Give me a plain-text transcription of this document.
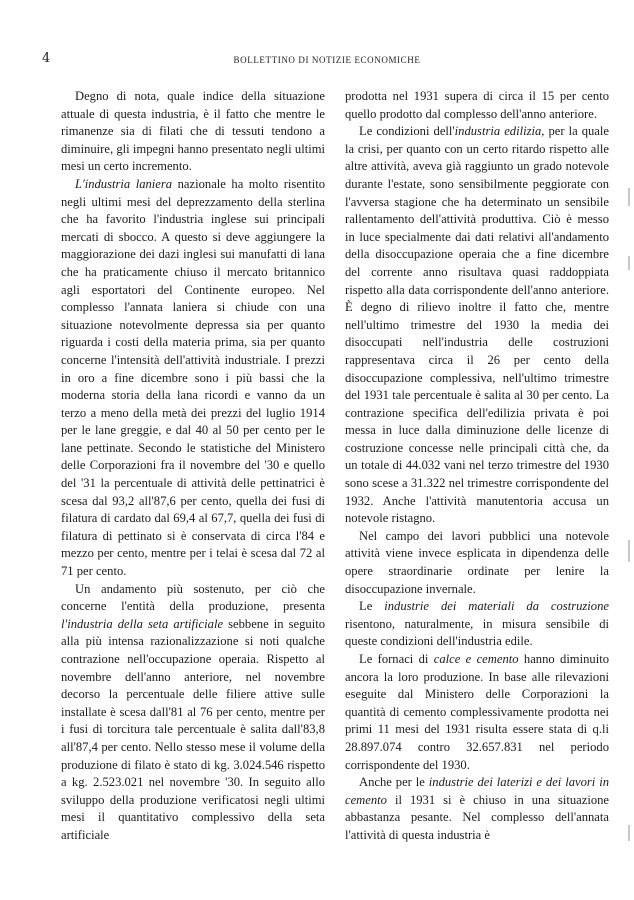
4	BOLLETTINO DI NOTIZIE ECONOMICHE

Degno di nota, quale indice della situazione attuale di questa industria, è il fatto che mentre le rimanenze sia di filati che di tessuti tendono a diminuire, gli impegni hanno presentato negli ultimi mesi un certo incremento.

L'industria laniera nazionale ha molto risentito negli ultimi mesi del deprezzamento della sterlina che ha favorito l'industria inglese sui principali mercati di sbocco. A questo si deve aggiungere la maggiorazione dei dazi inglesi sui manufatti di lana che ha praticamente chiuso il mercato britannico agli esportatori del Continente europeo. Nel complesso l'annata laniera si chiude con una situazione notevolmente depressa sia per quanto riguarda i costi della materia prima, sia per quanto concerne l'intensità dell'attività industriale. I prezzi in oro a fine dicembre sono i più bassi che la moderna storia della lana ricordi e vanno da un terzo a meno della metà dei prezzi del luglio 1914 per le lane greggie, e dal 40 al 50 per cento per le lane pettinate. Secondo le statistiche del Ministero delle Corporazioni fra il novembre del '30 e quello del '31 la percentuale di attività delle pettinatrici è scesa dal 93,2 all'87,6 per cento, quella dei fusi di filatura di cardato dal 69,4 al 67,7, quella dei fusi di filatura di pettinato si è conservata di circa l'84 e mezzo per cento, mentre per i telai è scesa dal 72 al 71 per cento.

Un andamento più sostenuto, per ciò che concerne l'entità della produzione, presenta l'industria della seta artificiale sebbene in seguito alla più intensa razionalizzazione si noti qualche contrazione nell'occupazione operaia. Rispetto al novembre dell'anno anteriore, nel novembre decorso la percentuale delle filiere attive sulle installate è scesa dall'81 al 76 per cento, mentre per i fusi di torcitura tale percentuale è salita dall'83,8 all'87,4 per cento. Nello stesso mese il volume della produzione di filato è stato di kg. 3.024.546 rispetto a kg. 2.523.021 nel novembre '30. In seguito allo sviluppo della produzione verificatosi negli ultimi mesi il quantitativo complessivo della seta artificiale

prodotta nel 1931 supera di circa il 15 per cento quello prodotto dal complesso dell'anno anteriore.

Le condizioni dell'industria edilizia, per la quale la crisi, per quanto con un certo ritardo rispetto alle altre attività, aveva già raggiunto un grado notevole durante l'estate, sono sensibilmente peggiorate con l'avversa stagione che ha determinato un sensibile rallentamento dell'attività produttiva. Ciò è messo in luce specialmente dai dati relativi all'andamento della disoccupazione operaia che a fine dicembre del corrente anno risultava quasi raddoppiata rispetto alla data corrispondente dell'anno anteriore. È degno di rilievo inoltre il fatto che, mentre nell'ultimo trimestre del 1930 la media dei disoccupati nell'industria delle costruzioni rappresentava circa il 26 per cento della disoccupazione complessiva, nell'ultimo trimestre del 1931 tale percentuale è salita al 30 per cento. La contrazione specifica dell'edilizia privata è poi messa in luce dalla diminuzione delle licenze di costruzione concesse nelle principali città che, da un totale di 44.032 vani nel terzo trimestre del 1930 sono scese a 31.322 nel trimestre corrispondente del 1932. Anche l'attività manutentoria accusa un notevole ristagno.

Nel campo dei lavori pubblici una notevole attività viene invece esplicata in dipendenza delle opere straordinarie ordinate per lenire la disoccupazione invernale.

Le industrie dei materiali da costruzione risentono, naturalmente, in misura sensibile di queste condizioni dell'industria edile.

Le fornaci di calce e cemento hanno diminuito ancora la loro produzione. In base alle rilevazioni eseguite dal Ministero delle Corporazioni la quantità di cemento complessivamente prodotta nei primi 11 mesi del 1931 risulta essere stata di q.li 28.897.074 contro 32.657.831 nel periodo corrispondente del 1930.

Anche per le industrie dei laterizi e dei lavori in cemento il 1931 si è chiuso in una situazione abbastanza pesante. Nel complesso dell'annata l'attività di questa industria è
